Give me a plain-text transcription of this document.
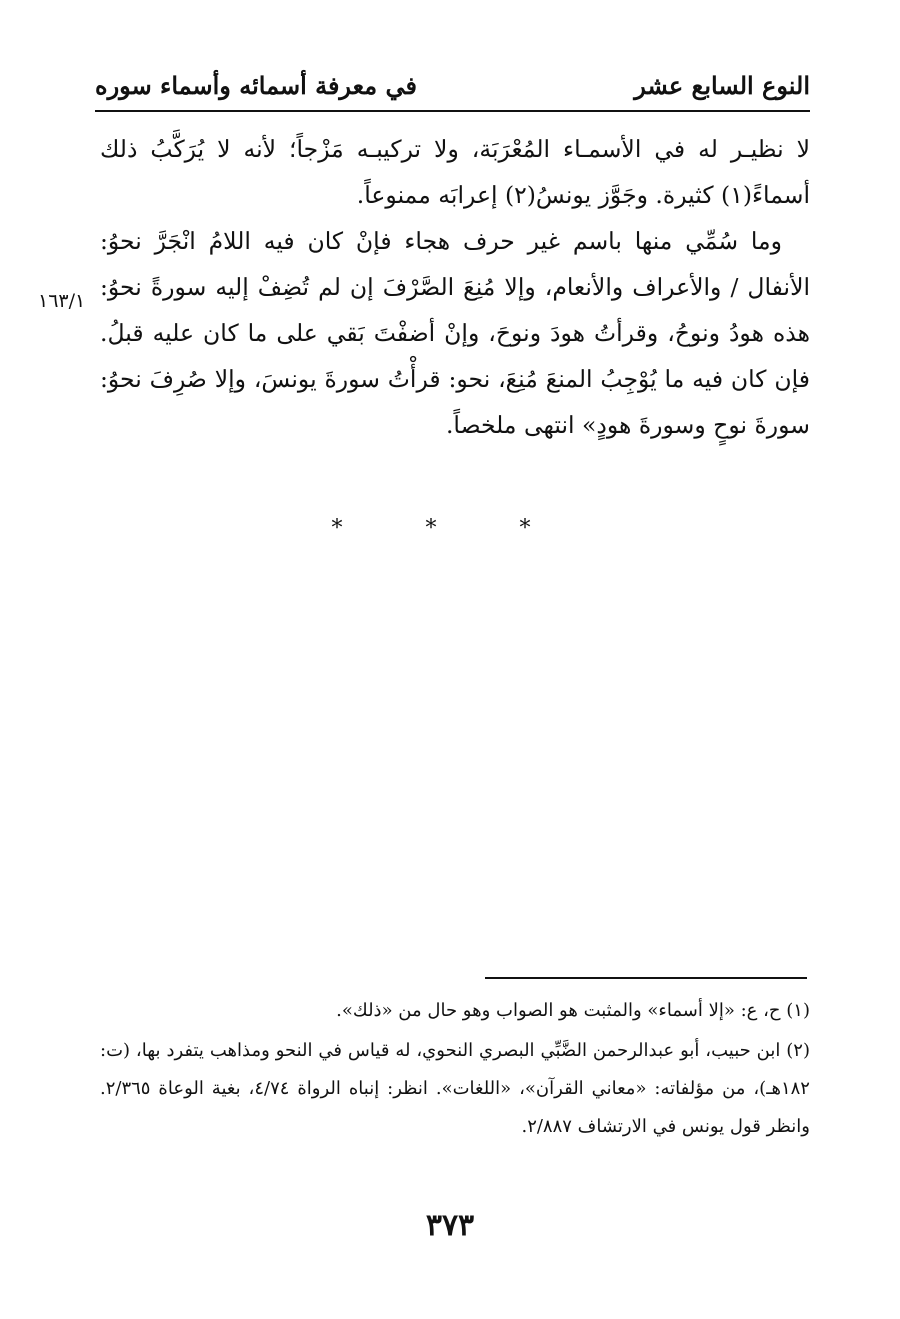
النوع السابع عشر
في معرفة أسمائه وأسماء سوره

لا نظيـر له في الأسمـاء المُعْرَبَة، ولا تركيبـه مَزْجاً؛ لأنه لا يُرَكَّبُ ذلك أسماءً(١) كثيرة. وجَوَّز يونسُ(٢) إعرابَه ممنوعاً.

وما سُمِّي منها باسم غير حرف هجاء فإنْ كان فيه اللامُ انْجَرَّ نحوُ: الأنفال / والأعراف والأنعام، وإلا مُنِعَ الصَّرْفَ إن لم تُضِفْ إليه سورةً نحوُ: هذه هودُ ونوحُ، وقرأتُ هودَ ونوحَ، وإنْ أضفْتَ بَقي على ما كان عليه قبلُ. فإن كان فيه ما يُوْجِبُ المنعَ مُنِعَ، نحو: قرأْتُ سورةَ يونسَ، وإلا صُرِفَ نحوُ: سورةَ نوحٍ وسورةَ هودٍ» انتهى ملخصاً.

١٦٣/١
* * *

(١) ح، ع: «إلا أسماء» والمثبت هو الصواب وهو حال من «ذلك».

(٢) ابن حبيب، أبو عبدالرحمن الضَّبِّي البصري النحوي، له قياس في النحو ومذاهب يتفرد بها، (ت: ١٨٢هـ)، من مؤلفاته: «معاني القرآن»، «اللغات». انظر: إنباه الرواة ٤/٧٤، بغية الوعاة ٢/٣٦٥. وانظر قول يونس في الارتشاف ٢/٨٨٧.

٣٧٣
